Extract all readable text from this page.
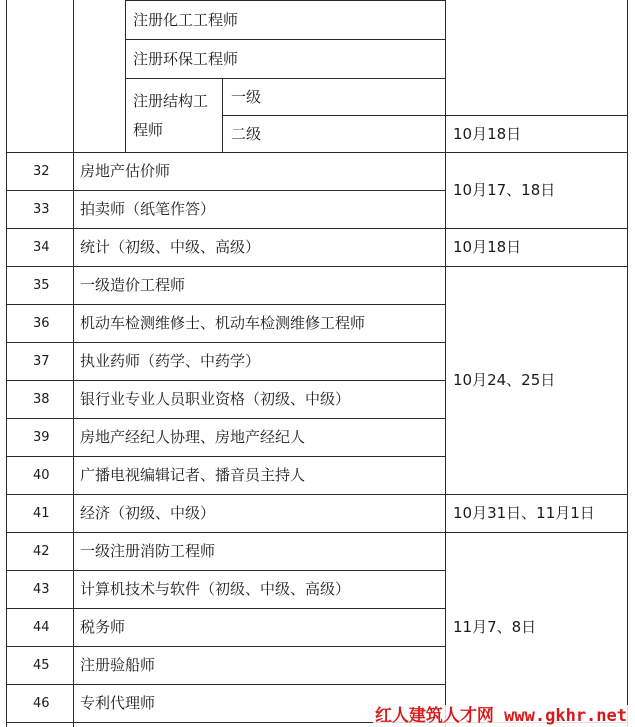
注册化工工程师
注册环保工程师
注册结构工
程师
一级
二级	10月18日
32 房地产估价师
33 拍卖师（纸笔作答）
34 统计（初级、中级、高级）
35 一级造价工程师
36 机动车检测维修士、机动车检测维修工程师
37 执业药师（药学、中药学）
38 银行业专业人员职业资格（初级、中级）
39 房地产经纪人协理、房地产经纪人
40 广播电视编辑记者、播音员主持人
41 经济（初级、中级）
42 一级注册消防工程师
43 计算机技术与软件（初级、中级、高级）
44 税务师
45 注册验船师
46 专利代理师
10月17、18日
10月18日
10月24、25日
10月31日、11月1日
11月7、8日
红人建筑人才网 www.gkhr.net
